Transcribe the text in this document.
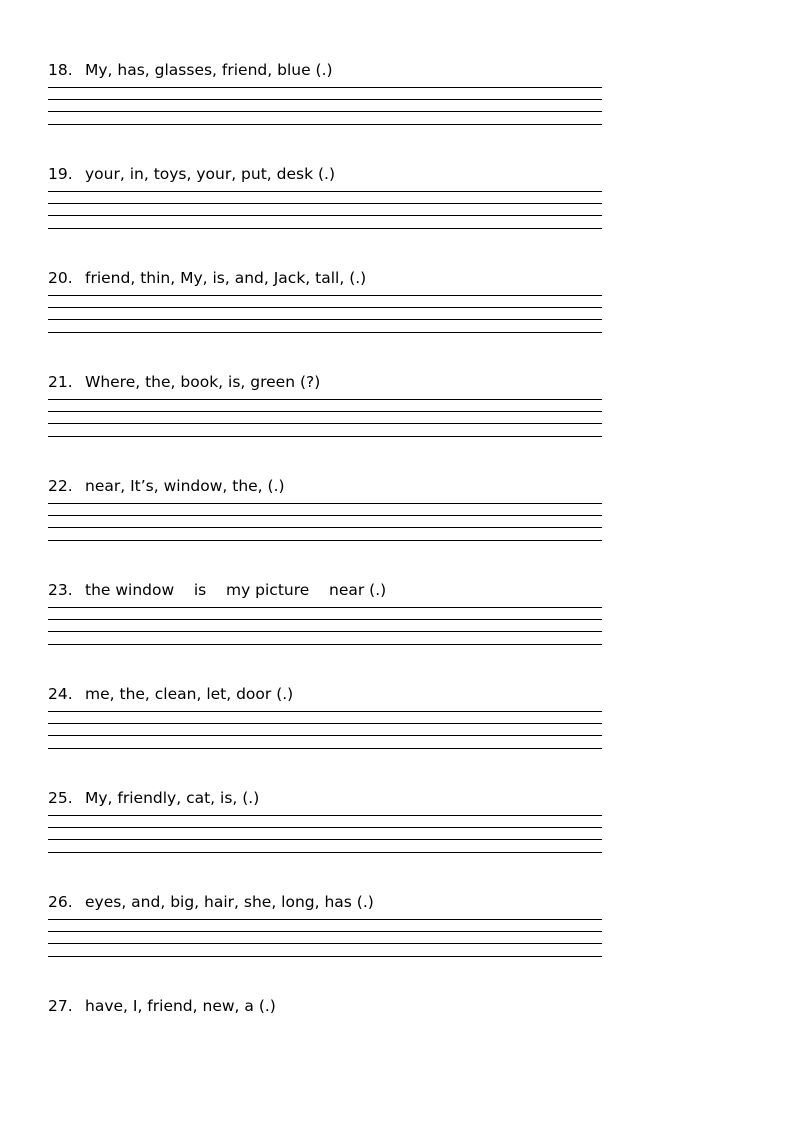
18. My, has, glasses, friend, blue (.)
19. your, in, toys, your, put, desk (.)
20. friend, thin, My, is, and, Jack, tall, (.)
21. Where, the, book, is, green (?)
22. near, It’s, window, the, (.)
23. the window    is    my picture    near (.)
24. me, the, clean, let, door (.)
25. My, friendly, cat, is, (.)
26. eyes, and, big, hair, she, long, has (.)
27. have, I, friend, new, a (.)
